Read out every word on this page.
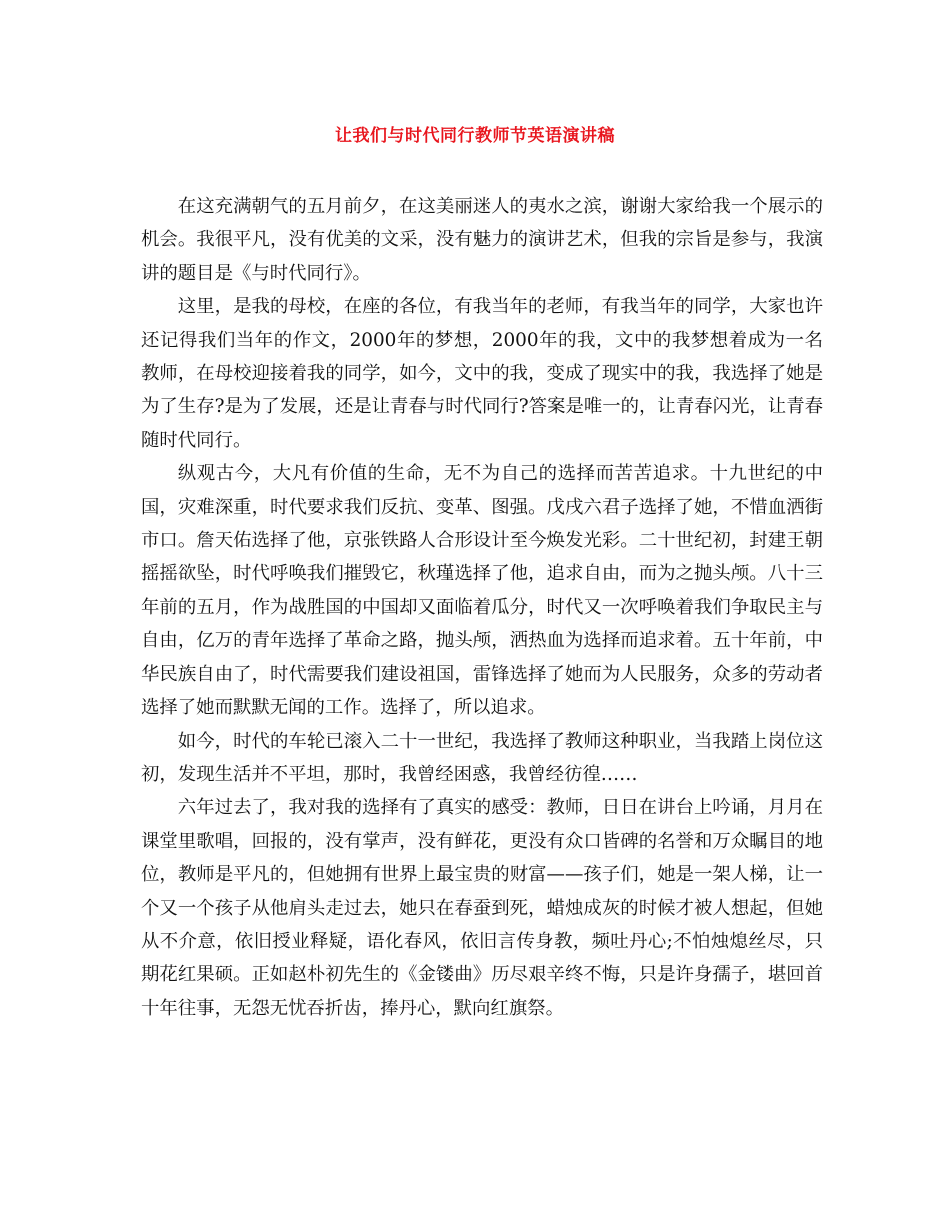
让我们与时代同行教师节英语演讲稿

在这充满朝气的五月前夕，在这美丽迷人的夷水之滨，谢谢大家给我一个展示的机会。我很平凡，没有优美的文采，没有魅力的演讲艺术，但我的宗旨是参与，我演讲的题目是《与时代同行》。

这里，是我的母校，在座的各位，有我当年的老师，有我当年的同学，大家也许还记得我们当年的作文，2000年的梦想，2000年的我，文中的我梦想着成为一名教师，在母校迎接着我的同学，如今，文中的我，变成了现实中的我，我选择了她是为了生存?是为了发展，还是让青春与时代同行?答案是唯一的，让青春闪光，让青春随时代同行。

纵观古今，大凡有价值的生命，无不为自己的选择而苦苦追求。十九世纪的中国，灾难深重，时代要求我们反抗、变革、图强。戊戌六君子选择了她，不惜血洒街市口。詹天佑选择了他，京张铁路人合形设计至今焕发光彩。二十世纪初，封建王朝摇摇欲坠，时代呼唤我们摧毁它，秋瑾选择了他，追求自由，而为之抛头颅。八十三年前的五月，作为战胜国的中国却又面临着瓜分，时代又一次呼唤着我们争取民主与自由，亿万的青年选择了革命之路，抛头颅，洒热血为选择而追求着。五十年前，中华民族自由了，时代需要我们建设祖国，雷锋选择了她而为人民服务，众多的劳动者选择了她而默默无闻的工作。选择了，所以追求。

如今，时代的车轮已滚入二十一世纪，我选择了教师这种职业，当我踏上岗位这初，发现生活并不平坦，那时，我曾经困惑，我曾经彷徨……

六年过去了，我对我的选择有了真实的感受：教师，日日在讲台上吟诵，月月在课堂里歌唱，回报的，没有掌声，没有鲜花，更没有众口皆碑的名誉和万众瞩目的地位，教师是平凡的，但她拥有世界上最宝贵的财富——孩子们，她是一架人梯，让一个又一个孩子从他肩头走过去，她只在春蚕到死，蜡烛成灰的时候才被人想起，但她从不介意，依旧授业释疑，语化春风，依旧言传身教，频吐丹心;不怕烛熄丝尽，只期花红果硕。正如赵朴初先生的《金镂曲》历尽艰辛终不悔，只是许身孺子，堪回首十年往事，无怨无忧吞折齿，捧丹心，默向红旗祭。
